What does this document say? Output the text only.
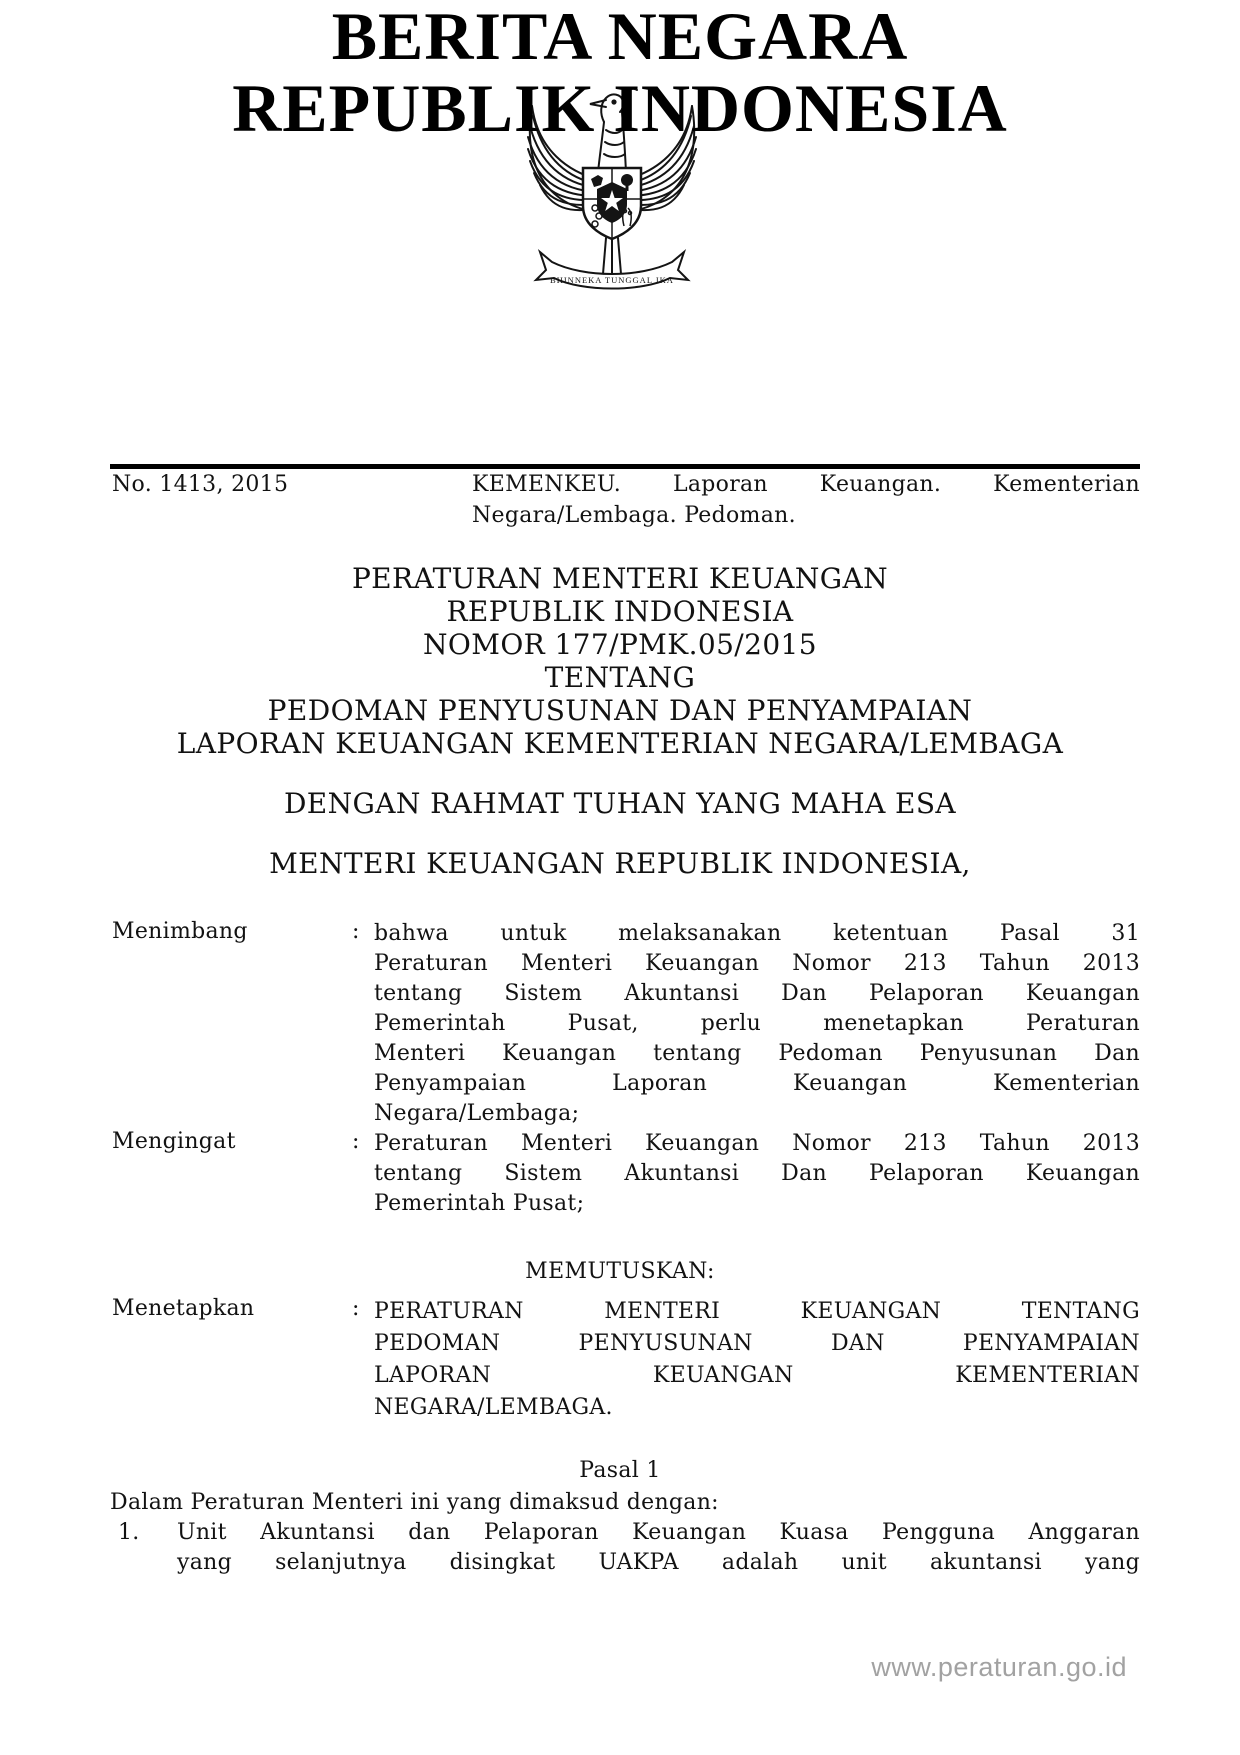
BHINNEKA TUNGGAL IKA
BERITA NEGARA
REPUBLIK INDONESIA
No. 1413, 2015	KEMENKEU. Laporan Keuangan. Kementerian
Negara/Lembaga. Pedoman.
PERATURAN MENTERI KEUANGAN
REPUBLIK INDONESIA
NOMOR 177/PMK.05/2015
TENTANG
PEDOMAN PENYUSUNAN DAN PENYAMPAIAN
LAPORAN KEUANGAN KEMENTERIAN NEGARA/LEMBAGA
DENGAN RAHMAT TUHAN YANG MAHA ESA
MENTERI KEUANGAN REPUBLIK INDONESIA,
Menimbang	: bahwa untuk melaksanakan ketentuan Pasal 31
Peraturan Menteri Keuangan Nomor 213 Tahun 2013
tentang Sistem Akuntansi Dan Pelaporan Keuangan
Pemerintah Pusat, perlu menetapkan Peraturan
Menteri Keuangan tentang Pedoman Penyusunan Dan
Penyampaian Laporan Keuangan Kementerian
Negara/Lembaga;
Mengingat	: Peraturan Menteri Keuangan Nomor 213 Tahun 2013
tentang Sistem Akuntansi Dan Pelaporan Keuangan
Pemerintah Pusat;
MEMUTUSKAN:
Menetapkan	: PERATURAN MENTERI KEUANGAN TENTANG
PEDOMAN PENYUSUNAN DAN PENYAMPAIAN
LAPORAN KEUANGAN KEMENTERIAN
NEGARA/LEMBAGA.
Pasal 1
Dalam Peraturan Menteri ini yang dimaksud dengan:
1. Unit Akuntansi dan Pelaporan Keuangan Kuasa Pengguna Anggaran
yang selanjutnya disingkat UAKPA adalah unit akuntansi yang
www.peraturan.go.id
